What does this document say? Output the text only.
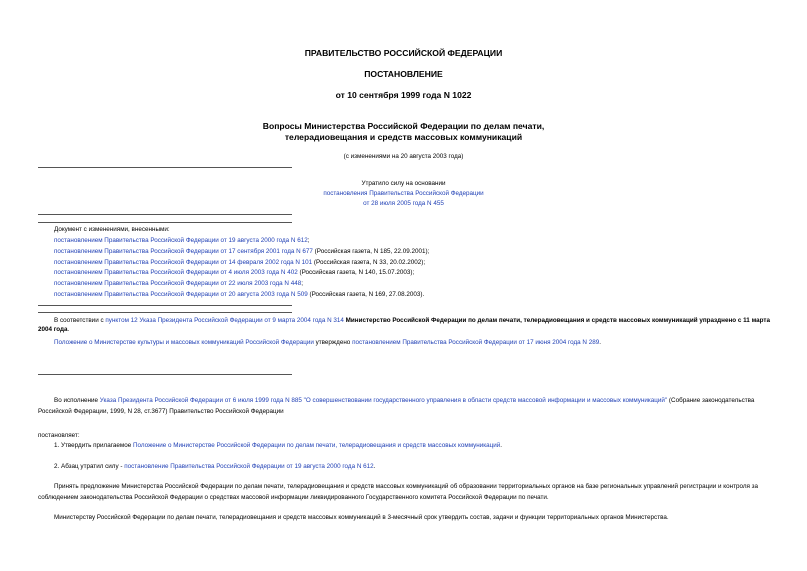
ПРАВИТЕЛЬСТВО РОССИЙСКОЙ ФЕДЕРАЦИИ
ПОСТАНОВЛЕНИЕ
от 10 сентября 1999 года N 1022
Вопросы Министерства Российской Федерации по делам печати,
телерадиовещания и средств массовых коммуникаций
(с изменениями на 20 августа 2003 года)
Утратило силу на основании
постановления Правительства Российской Федерации
от 28 июля 2005 года N 455
Документ с изменениями, внесенными:
постановлением Правительства Российской Федерации от 19 августа 2000 года N 612;
постановлением Правительства Российской Федерации от 17 сентября 2001 года N 677 (Российская газета, N 185, 22.09.2001);
постановлением Правительства Российской Федерации от 14 февраля 2002 года N 101 (Российская газета, N 33, 20.02.2002);
постановлением Правительства Российской Федерации от 4 июля 2003 года N 402 (Российская газета, N 140, 15.07.2003);
постановлением Правительства Российской Федерации от 22 июля 2003 года N 448;
постановлением Правительства Российской Федерации от 20 августа 2003 года N 509 (Российская газета, N 169, 27.08.2003).
В соответствии с пунктом 12 Указа Президента Российской Федерации от 9 марта 2004 года N 314 Министерство Российской Федерации по делам печати, телерадиовещания и средств массовых коммуникаций упразднено с 11 марта 2004 года.
Положение о Министерстве культуры и массовых коммуникаций Российской Федерации утверждено постановлением Правительства Российской Федерации от 17 июня 2004 года N 289.
Во исполнение Указа Президента Российской Федерации от 6 июля 1999 года N 885 "О совершенствовании государственного управления в области средств массовой информации и массовых коммуникаций" (Собрание законодательства Российской Федерации, 1999, N 28, ст.3677) Правительство Российской Федерации
постановляет:
1. Утвердить прилагаемое Положение о Министерстве Российской Федерации по делам печати, телерадиовещания и средств массовых коммуникаций.
2. Абзац утратил силу - постановление Правительства Российской Федерации от 19 августа 2000 года N 612.
Принять предложение Министерства Российской Федерации по делам печати, телерадиовещания и средств массовых коммуникаций об образовании территориальных органов на базе региональных управлений регистрации и контроля за соблюдением законодательства Российской Федерации о средствах массовой информации ликвидированного Государственного комитета Российской Федерации по печати.
Министерству Российской Федерации по делам печати, телерадиовещания и средств массовых коммуникаций в 3-месячный срок утвердить состав, задачи и функции территориальных органов Министерства.
